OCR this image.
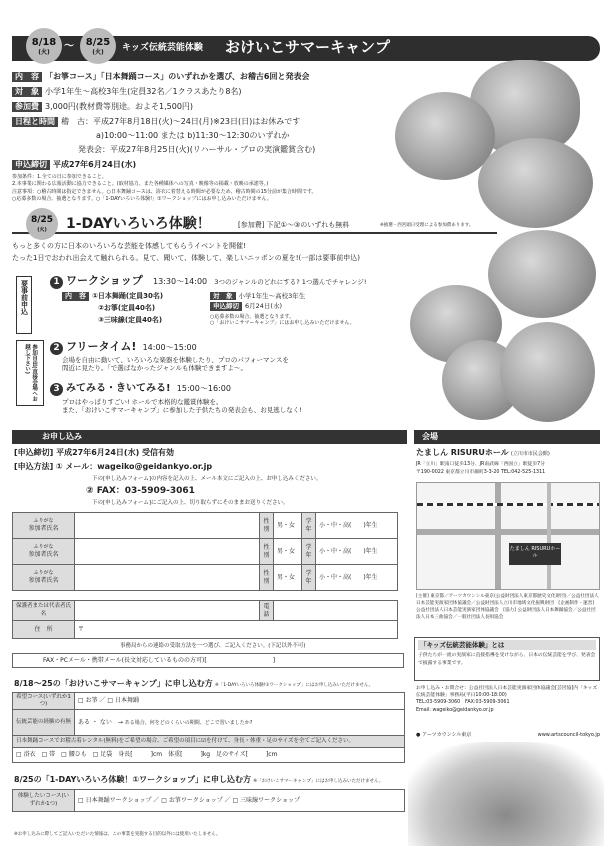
8/18
(火)
〜 8/25
(火) キッズ伝統芸能体験 おけいこサマーキャンプ
内　容 「お箏コース」「日本舞踊コース」のいずれかを選び、お稽古6回と発表会
対　象 小学1年生〜高校3年生(定員32名／1クラスあたり8名)
参加費 3,000円(教材費等別途。およそ1,500円)
日程と時間 稽　古：平成27年8月18日(火)〜24日(月)※23日(日)はお休みです
a)10:00〜11:00 または b)11:30〜12:30のいずれか
発表会：平成27年8月25日(火)(リハーサル・プロの実演鑑賞含む)
申込締切 平成27年6月24日(水)
参加条件：1.全ての日に参加できること。
2.本事業に関わる広報活動に協力できること。(取材協力、また各種媒体への写真・映像等の掲載・放映の承諾等。)
注意事項：○稽古時間は指定できません。○日本舞踊コースは、浴衣に着替える時間が必要なため、稽古時間の15分前が集合時間です。
○応募多数の場合、抽選となります。○「1-DAYいろいろ体験!」①ワークショップにはお申し込みいただけません。
8/25
(火) 1-DAYいろいろ体験！	[参加費] 下記①〜③のいずれも無料	※抽選・西宮頭日受理による参加費あります。
もっと多くの方に日本のいろいろな芸能を体感してもらうイベントを開催!
たった1日でおわれ出会えて触れられる。見て、聞いて、体験して、楽しいニッポンの夏を!(一部は要事前申込)
要事前申込
参加自由(直接会場へお越し下さい)
1 ワークショップ 13:30〜14:00 3つのジャンルのどれにする? 1つ選んでチャレンジ!
内　容 ①日本舞踊(定員30名)
②お箏(定員40名)
③三味線(定員40名)
対　象 小学1年生〜高校3年生
申込締切 6月24日(水)
○応募多数の場合、抽選となります。
○「おけいこサマーキャンプ」にはお申し込みいただけません。
2 フリータイム! 14:00〜15:00
会場を自由に動いて、いろいろな楽器を体験したり、プロのパフォーマンスを
間近に見たり。「で選ばなかったジャンルも体験できますよ〜。
3 みてみる・きいてみる! 15:00〜16:00
プロはやっぱりすごい! ホールで本格的な鑑賞体験を。
また、「おけいこサマーキャンプ」に参加した子供たちの発表会も、お見逃しなく!
お申し込み
[申込締切] 平成27年6月24日(水) 受信有効
[申込方法] ① メール：wageiko@geidankyo.or.jp
下の[申し込みフォーム]の内容を記入の上、メール本文にご記入の上、お申し込みください。
② FAX：03-5909-3061
下の[申し込みフォーム]にご記入の上、切り取らずにそのままお送りください。
ふりがな
参加者氏名		性別	男・女	学年	小・中・高(　　)年生

ふりがな
参加者氏名		性別	男・女	学年	小・中・高(　　)年生

ふりがな
参加者氏名		性別	男・女	学年	小・中・高(　　)年生
保護者または代表者氏名		電話	
住　所	〒		
事務局からの連絡の受取方法を一つ選び、ご記入ください。(下記以外不可)
FAX・PCメール・携帯メール(長文対応しているものの方可)[　　　　　　　　　　　]
8/18〜25の「おけいこサマーキャンプ」に申し込む方 ※「1-DAYいろいろ体験!①ワークショップ」にはお申し込みいただけません。
希望コース(いずれか1つ)	□ お箏 ／ □ 日本舞踊
伝統芸能の経験の有無	ある ・ ない　→ ある場合、何をどのくらいの期間、どこで習いましたか?
日本舞踊コースでお稽古着レンタル(無料)をご希望の場合、ご希望の項目に☑を付けて、身長・体重・足のサイズを全てご記入ください。	
□ 浴衣　□ 帯　□ 腰ひも　□ 足袋　身長[　　　]cm　体重[　　　]kg　足のサイズ[　　　]cm	
8/25の「1-DAYいろいろ体験！①ワークショップ」に申し込む方 ※「おけいこサマーキャンプ」にはお申し込みいただけません。
体験したいコース(いずれか1つ)	□ 日本舞踊ワークショップ ／ □ お箏ワークショップ ／ □ 三味線ワークショップ
※お申し込みに際してご記入いただいた情報は、この事業を実施する目的以外には使用いたしません。
会場
たましん RISURUホール (立川市市民会館)
JR「立川」駅南口徒歩13分、JR南武線「西国立」駅徒歩7分
〒190-0022 東京都立川市錦町3-3-20 TEL:042-525-1311
たましん RISURUホール
[主催] 東京都／アーツカウンシル東京(公益財団法人東京都歴史文化財団)／公益社団法人日本芸能実演家団体協議会／公益財団法人立川市地域文化振興財団　[企画制作・運営] 公益社団法人日本芸能実演家団体協議会　[協力] 公益財団法人日本舞踊協会／公益社団法人日本三曲協会／一般社団法人長唄協会
「キッズ伝統芸能体験」とは
子供たちが一流の実演家に直接指導を受けながら、日本の伝統芸能を学び、発表会で披露する事業です。
お申し込み・お問合せ：公益社団法人日本芸能実演家団体協議会[芸団協]内「キッズ伝統芸能体験」事務局(平日10:00-18:00)
TEL:03-5909-3060　FAX:03-5909-3061
Email: wageiko@geidankyo.or.jp
● アーツカウンシル東京	www.artscouncil-tokyo.jp
